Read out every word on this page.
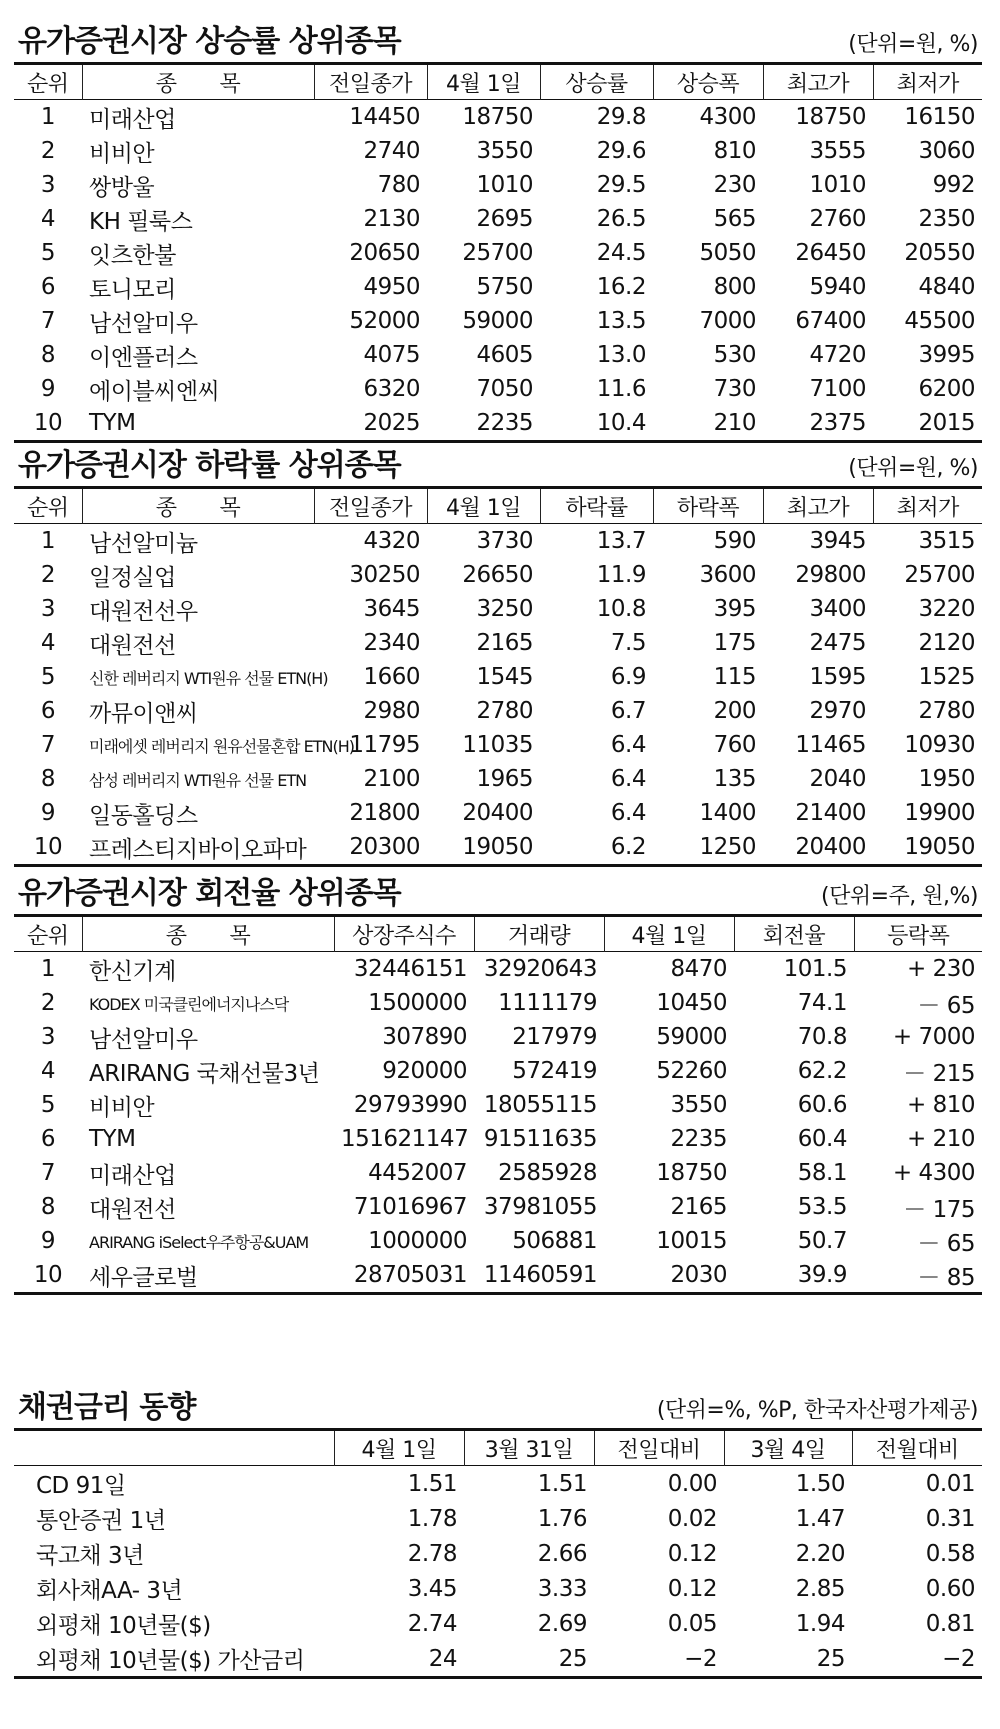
유가증권시장 상승률 상위종목	(단위=원, %)
순위	종　　목	전일종가	4월 1일	상승률	상승폭	최고가	최저가
1	미래산업	14450	18750	29.8	4300	18750	16150
2	비비안	2740	3550	29.6	810	3555	3060
3	쌍방울	780	1010	29.5	230	1010	992
4	KH 필룩스	2130	2695	26.5	565	2760	2350
5	잇츠한불	20650	25700	24.5	5050	26450	20550
6	토니모리	4950	5750	16.2	800	5940	4840
7	남선알미우	52000	59000	13.5	7000	67400	45500
8	이엔플러스	4075	4605	13.0	530	4720	3995
9	에이블씨엔씨	6320	7050	11.6	730	7100	6200
10	TYM	2025	2235	10.4	210	2375	2015
유가증권시장 하락률 상위종목	(단위=원, %)
순위	종　　목	전일종가	4월 1일	하락률	하락폭	최고가	최저가
1	남선알미늄	4320	3730	13.7	590	3945	3515
2	일정실업	30250	26650	11.9	3600	29800	25700
3	대원전선우	3645	3250	10.8	395	3400	3220
4	대원전선	2340	2165	7.5	175	2475	2120
5	신한 레버리지 WTI원유 선물 ETN(H)	1660	1545	6.9	115	1595	1525
6	까뮤이앤씨	2980	2780	6.7	200	2970	2780
7	미래에셋 레버리지 원유선물혼합 ETN(H)	11795	11035	6.4	760	11465	10930
8	삼성 레버리지 WTI원유 선물 ETN	2100	1965	6.4	135	2040	1950
9	일동홀딩스	21800	20400	6.4	1400	21400	19900
10	프레스티지바이오파마	20300	19050	6.2	1250	20400	19050
유가증권시장 회전율 상위종목	(단위=주, 원,%)
순위	종　　목	상장주식수	거래량	4월 1일	회전율	등락폭
1	한신기계	32446151	32920643	8470	101.5	+ 230
2	KODEX 미국클린에너지나스닥	1500000	1111179	10450	74.1	－ 65
3	남선알미우	307890	217979	59000	70.8	+ 7000
4	ARIRANG 국채선물3년	920000	572419	52260	62.2	－ 215
5	비비안	29793990	18055115	3550	60.6	+ 810
6	TYM	151621147	91511635	2235	60.4	+ 210
7	미래산업	4452007	2585928	18750	58.1	+ 4300
8	대원전선	71016967	37981055	2165	53.5	－ 175
9	ARIRANG iSelect우주항공&UAM	1000000	506881	10015	50.7	－ 65
10	세우글로벌	28705031	11460591	2030	39.9	－ 85
채권금리 동향	(단위=%, %P, 한국자산평가제공)
	4월 1일	3월 31일	전일대비	3월 4일	전월대비
CD 91일	1.51	1.51	0.00	1.50	0.01
통안증권 1년	1.78	1.76	0.02	1.47	0.31
국고채 3년	2.78	2.66	0.12	2.20	0.58
회사채AA- 3년	3.45	3.33	0.12	2.85	0.60
외평채 10년물($)	2.74	2.69	0.05	1.94	0.81
외평채 10년물($) 가산금리	24	25	−2	25	−2
